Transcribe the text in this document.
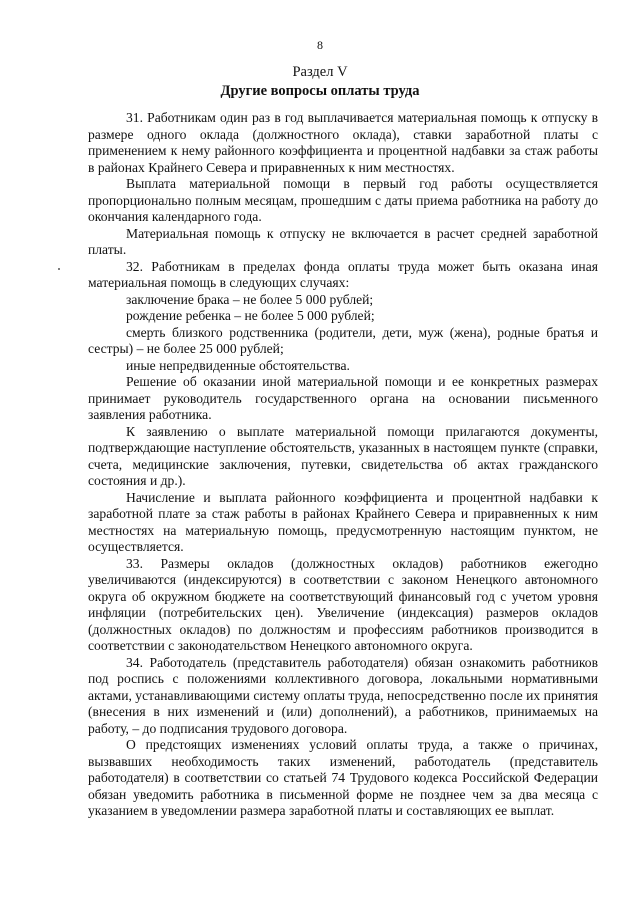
8
Раздел V
Другие вопросы оплаты труда

31. Работникам один раз в год выплачивается материальная помощь к отпуску в размере одного оклада (должностного оклада), ставки заработной платы с применением к нему районного коэффициента и процентной надбавки за стаж работы в районах Крайнего Севера и приравненных к ним местностях.

Выплата материальной помощи в первый год работы осуществляется пропорционально полным месяцам, прошедшим с даты приема работника на работу до окончания календарного года.

Материальная помощь к отпуску не включается в расчет средней заработной платы.

32. Работникам в пределах фонда оплаты труда может быть оказана иная материальная помощь в следующих случаях:

заключение брака – не более 5 000 рублей;

рождение ребенка – не более 5 000 рублей;

смерть близкого родственника (родители, дети, муж (жена), родные братья и сестры) – не более 25 000 рублей;

иные непредвиденные обстоятельства.

Решение об оказании иной материальной помощи и ее конкретных размерах принимает руководитель государственного органа на основании письменного заявления работника.

К заявлению о выплате материальной помощи прилагаются документы, подтверждающие наступление обстоятельств, указанных в настоящем пункте (справки, счета, медицинские заключения, путевки, свидетельства об актах гражданского состояния и др.).

Начисление и выплата районного коэффициента и процентной надбавки к заработной плате за стаж работы в районах Крайнего Севера и приравненных к ним местностях на материальную помощь, предусмотренную настоящим пунктом, не осуществляется.

33. Размеры окладов (должностных окладов) работников ежегодно увеличиваются (индексируются) в соответствии с законом Ненецкого автономного округа об окружном бюджете на соответствующий финансовый год с учетом уровня инфляции (потребительских цен). Увеличение (индексация) размеров окладов (должностных окладов) по должностям и профессиям работников производится в соответствии с законодательством Ненецкого автономного округа.

34. Работодатель (представитель работодателя) обязан ознакомить работников под роспись с положениями коллективного договора, локальными нормативными актами, устанавливающими систему оплаты труда, непосредственно после их принятия (внесения в них изменений и (или) дополнений), а работников, принимаемых на работу, – до подписания трудового договора.

О предстоящих изменениях условий оплаты труда, а также о причинах, вызвавших необходимость таких изменений, работодатель (представитель работодателя) в соответствии со статьей 74 Трудового кодекса Российской Федерации обязан уведомить работника в письменной форме не позднее чем за два месяца с указанием в уведомлении размера заработной платы и составляющих ее выплат.
